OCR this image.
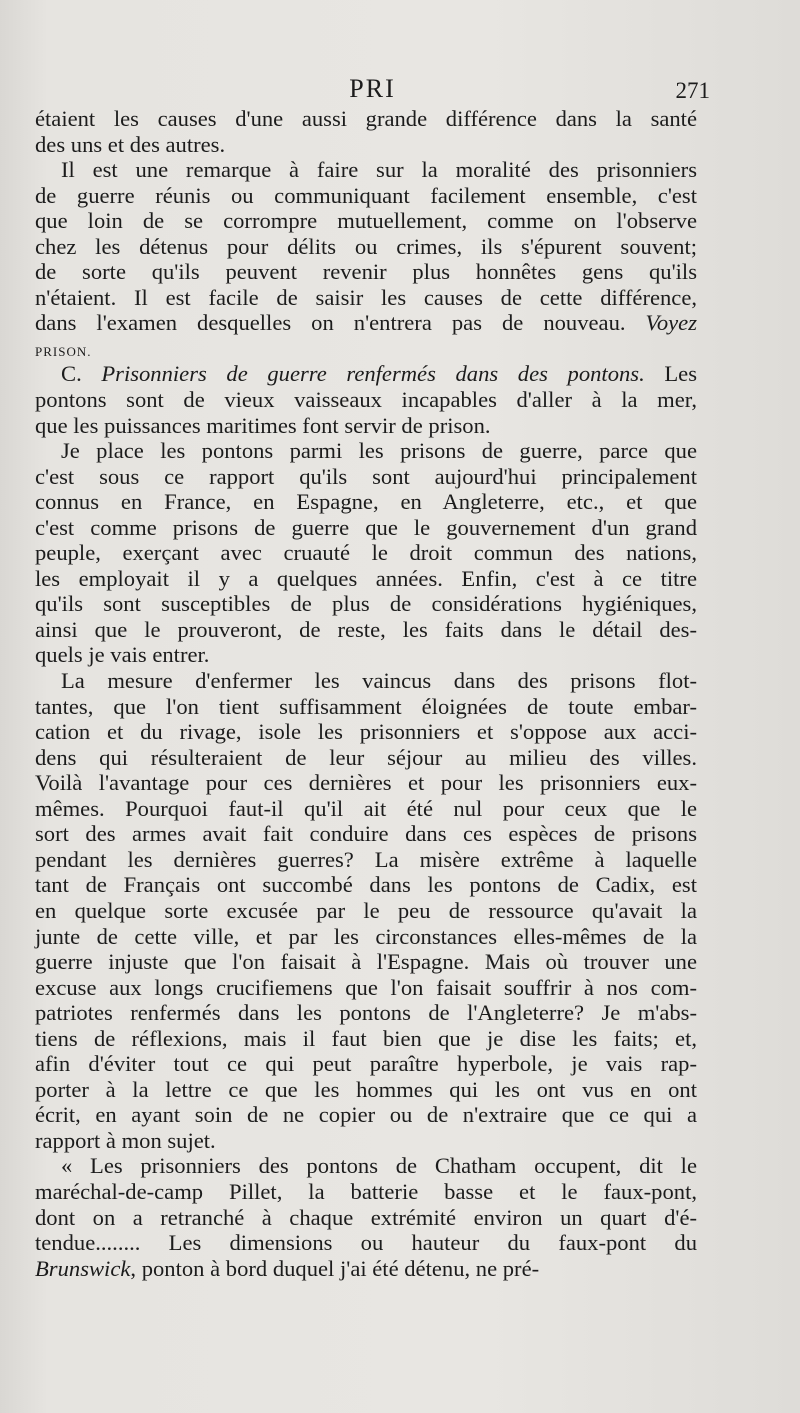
PRI	271
étaient les causes d'une aussi grande différence dans la santé
des uns et des autres.
Il est une remarque à faire sur la moralité des prisonniers
de guerre réunis ou communiquant facilement ensemble, c'est
que loin de se corrompre mutuellement, comme on l'observe
chez les détenus pour délits ou crimes, ils s'épurent souvent;
de sorte qu'ils peuvent revenir plus honnêtes gens qu'ils
n'étaient. Il est facile de saisir les causes de cette différence,
dans l'examen desquelles on n'entrera pas de nouveau. Voyez
PRISON.
C. Prisonniers de guerre renfermés dans des pontons. Les
pontons sont de vieux vaisseaux incapables d'aller à la mer,
que les puissances maritimes font servir de prison.
Je place les pontons parmi les prisons de guerre, parce que
c'est sous ce rapport qu'ils sont aujourd'hui principalement
connus en France, en Espagne, en Angleterre, etc., et que
c'est comme prisons de guerre que le gouvernement d'un grand
peuple, exerçant avec cruauté le droit commun des nations,
les employait il y a quelques années. Enfin, c'est à ce titre
qu'ils sont susceptibles de plus de considérations hygiéniques,
ainsi que le prouveront, de reste, les faits dans le détail des-
quels je vais entrer.
La mesure d'enfermer les vaincus dans des prisons flot-
tantes, que l'on tient suffisamment éloignées de toute embar-
cation et du rivage, isole les prisonniers et s'oppose aux acci-
dens qui résulteraient de leur séjour au milieu des villes.
Voilà l'avantage pour ces dernières et pour les prisonniers eux-
mêmes. Pourquoi faut-il qu'il ait été nul pour ceux que le
sort des armes avait fait conduire dans ces espèces de prisons
pendant les dernières guerres? La misère extrême à laquelle
tant de Français ont succombé dans les pontons de Cadix, est
en quelque sorte excusée par le peu de ressource qu'avait la
junte de cette ville, et par les circonstances elles-mêmes de la
guerre injuste que l'on faisait à l'Espagne. Mais où trouver une
excuse aux longs crucifiemens que l'on faisait souffrir à nos com-
patriotes renfermés dans les pontons de l'Angleterre? Je m'abs-
tiens de réflexions, mais il faut bien que je dise les faits; et,
afin d'éviter tout ce qui peut paraître hyperbole, je vais rap-
porter à la lettre ce que les hommes qui les ont vus en ont
écrit, en ayant soin de ne copier ou de n'extraire que ce qui a
rapport à mon sujet.
« Les prisonniers des pontons de Chatham occupent, dit le
maréchal-de-camp Pillet, la batterie basse et le faux-pont,
dont on a retranché à chaque extrémité environ un quart d'é-
tendue........ Les dimensions ou hauteur du faux-pont du
Brunswick, ponton à bord duquel j'ai été détenu, ne pré-
